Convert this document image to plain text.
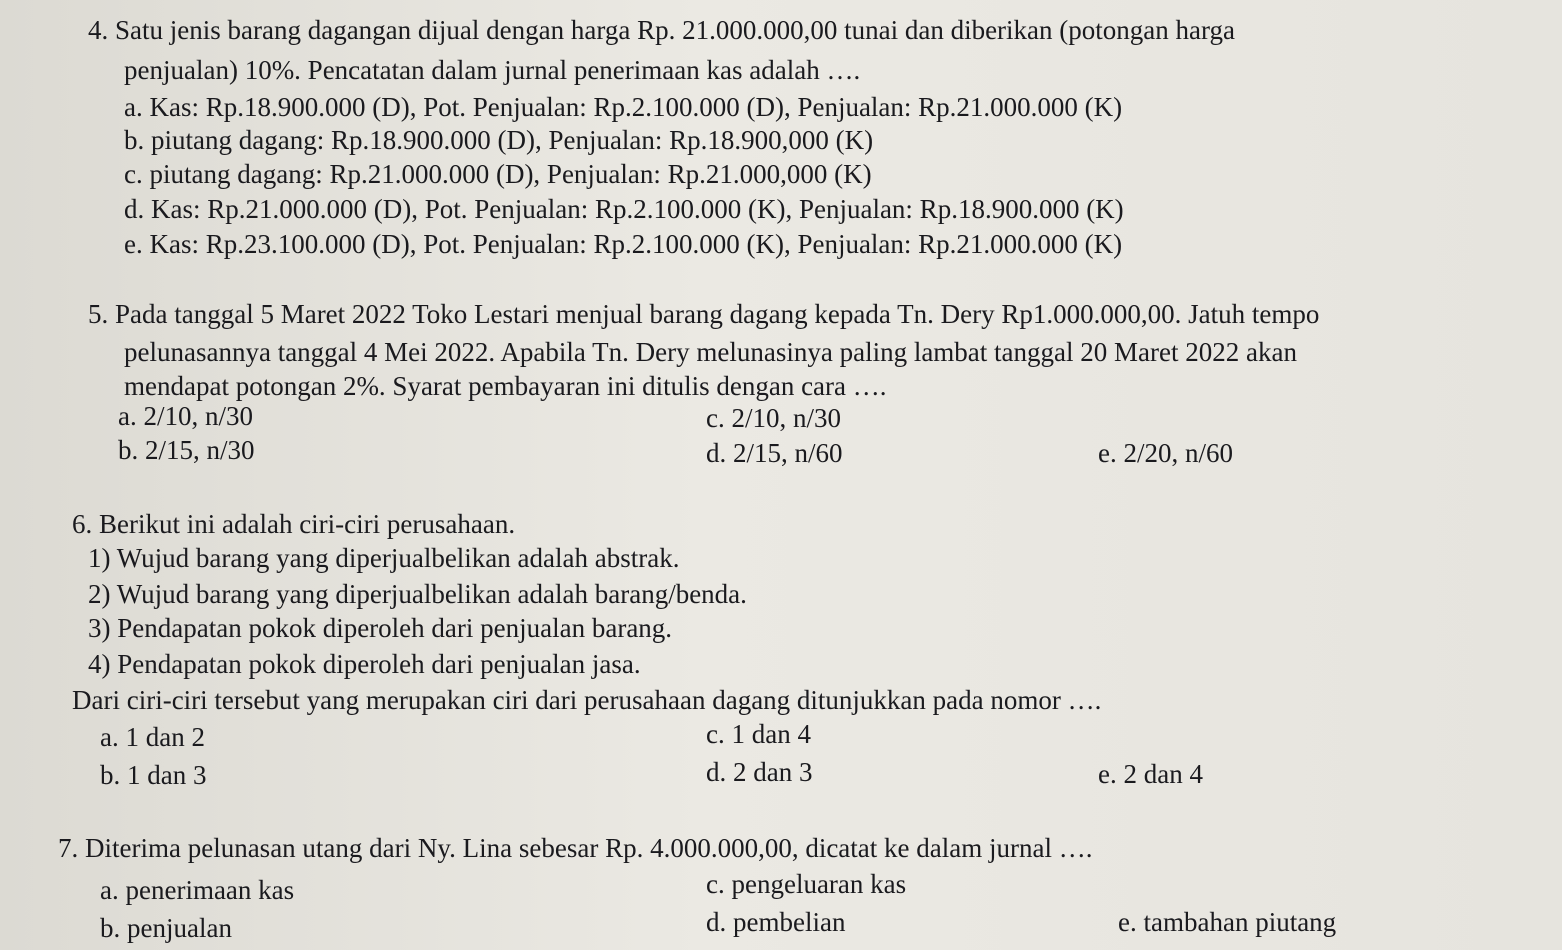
4. Satu jenis barang dagangan dijual dengan harga Rp. 21.000.000,00 tunai dan diberikan (potongan harga
penjualan) 10%. Pencatatan dalam jurnal penerimaan kas adalah ….
a. Kas: Rp.18.900.000 (D), Pot. Penjualan: Rp.2.100.000 (D), Penjualan: Rp.21.000.000 (K)
b. piutang dagang: Rp.18.900.000 (D), Penjualan: Rp.18.900,000 (K)
c. piutang dagang: Rp.21.000.000 (D), Penjualan: Rp.21.000,000 (K)
d. Kas: Rp.21.000.000 (D), Pot. Penjualan: Rp.2.100.000 (K), Penjualan: Rp.18.900.000 (K)
e. Kas: Rp.23.100.000 (D), Pot. Penjualan: Rp.2.100.000 (K), Penjualan: Rp.21.000.000 (K)
5. Pada tanggal 5 Maret 2022 Toko Lestari menjual barang dagang kepada Tn. Dery Rp1.000.000,00. Jatuh tempo
pelunasannya tanggal 4 Mei 2022. Apabila Tn. Dery melunasinya paling lambat tanggal 20 Maret 2022 akan
mendapat potongan 2%. Syarat pembayaran ini ditulis dengan cara ….
a. 2/10, n/30	c. 2/10, n/30
b. 2/15, n/30	d. 2/15, n/60	e. 2/20, n/60
6. Berikut ini adalah ciri-ciri perusahaan.
1) Wujud barang yang diperjualbelikan adalah abstrak.
2) Wujud barang yang diperjualbelikan adalah barang/benda.
3) Pendapatan pokok diperoleh dari penjualan barang.
4) Pendapatan pokok diperoleh dari penjualan jasa.
Dari ciri-ciri tersebut yang merupakan ciri dari perusahaan dagang ditunjukkan pada nomor ….
a. 1 dan 2	c. 1 dan 4
b. 1 dan 3	d. 2 dan 3	e. 2 dan 4
7. Diterima pelunasan utang dari Ny. Lina sebesar Rp. 4.000.000,00, dicatat ke dalam jurnal ….
a. penerimaan kas	c. pengeluaran kas
b. penjualan	d. pembelian	e. tambahan piutang
